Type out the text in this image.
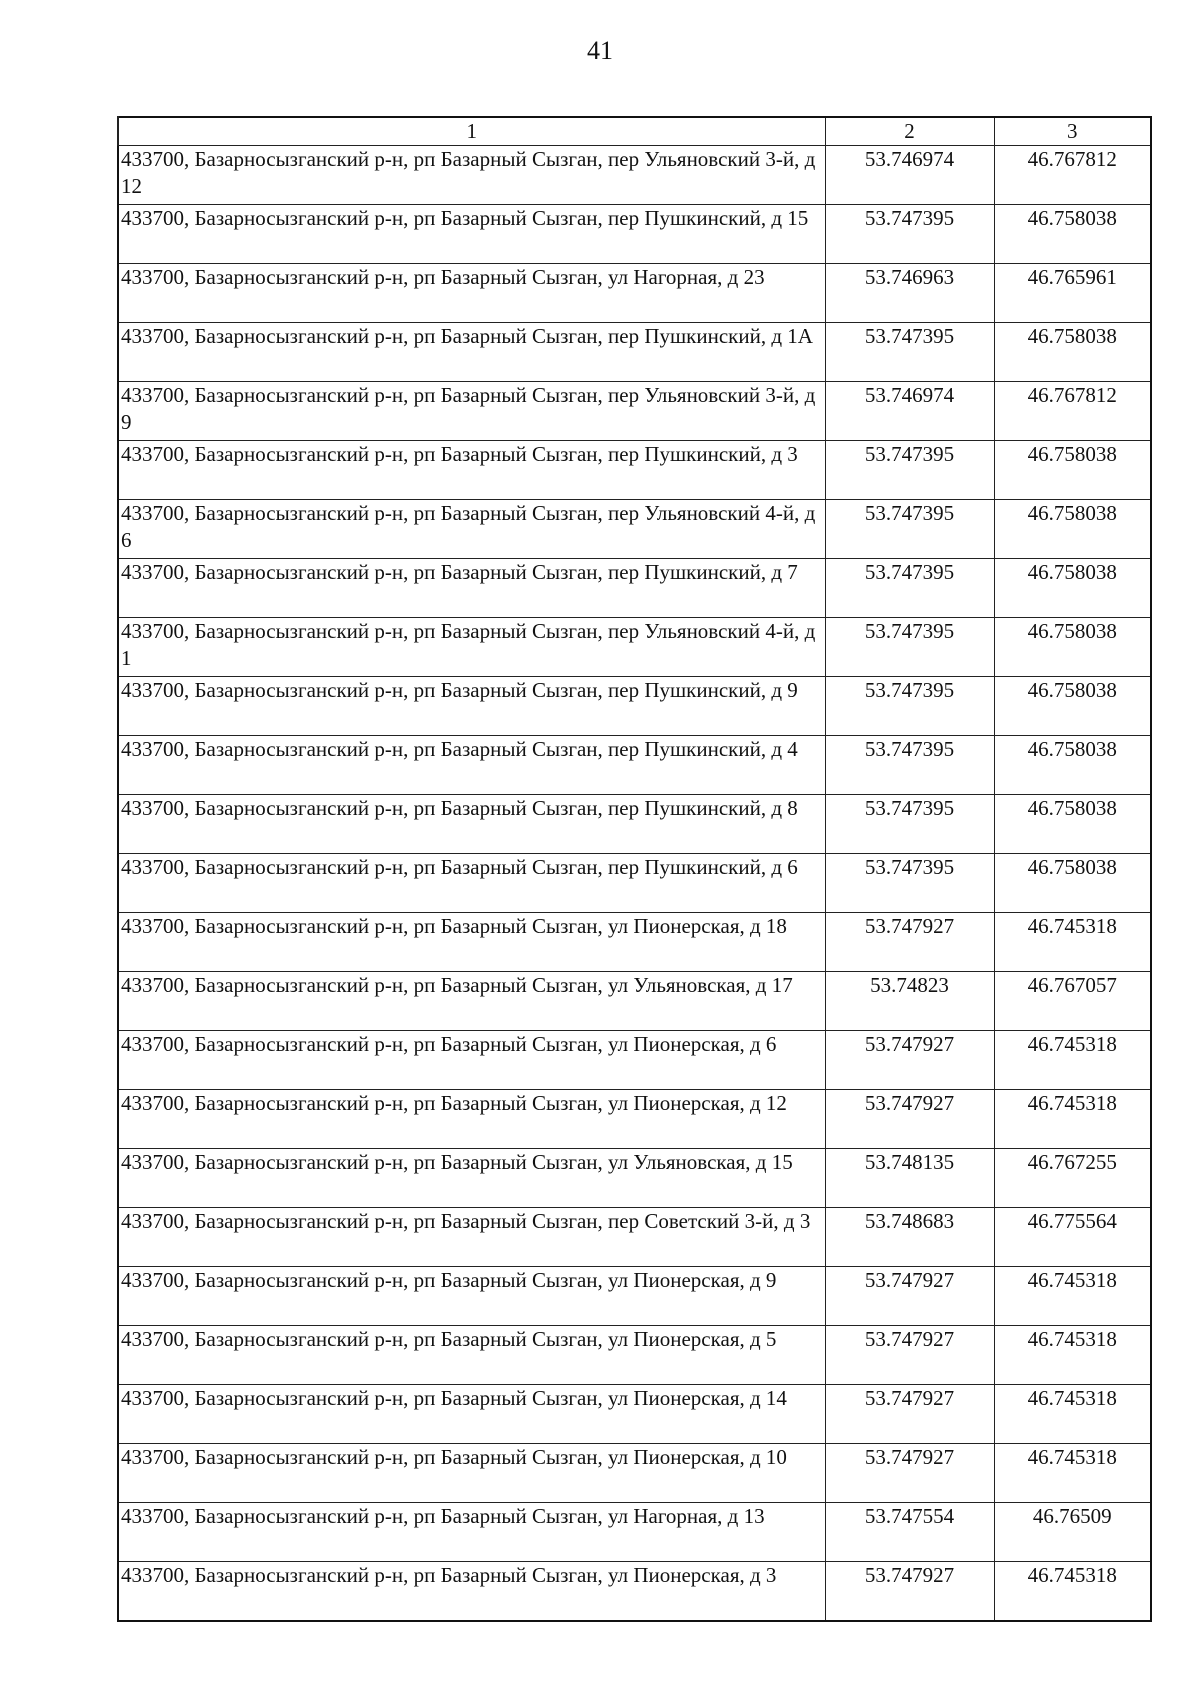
41
1	2	3
433700, Базарносызганский р-н, рп Базарный Сызган, пер Ульяновский 3-й, д 12	53.746974	46.767812
433700, Базарносызганский р-н, рп Базарный Сызган, пер Пушкинский, д 15	53.747395	46.758038
433700, Базарносызганский р-н, рп Базарный Сызган, ул Нагорная, д 23	53.746963	46.765961
433700, Базарносызганский р-н, рп Базарный Сызган, пер Пушкинский, д 1А	53.747395	46.758038
433700, Базарносызганский р-н, рп Базарный Сызган, пер Ульяновский 3-й, д 9	53.746974	46.767812
433700, Базарносызганский р-н, рп Базарный Сызган, пер Пушкинский, д 3	53.747395	46.758038
433700, Базарносызганский р-н, рп Базарный Сызган, пер Ульяновский 4-й, д 6	53.747395	46.758038
433700, Базарносызганский р-н, рп Базарный Сызган, пер Пушкинский, д 7	53.747395	46.758038
433700, Базарносызганский р-н, рп Базарный Сызган, пер Ульяновский 4-й, д 1	53.747395	46.758038
433700, Базарносызганский р-н, рп Базарный Сызган, пер Пушкинский, д 9	53.747395	46.758038
433700, Базарносызганский р-н, рп Базарный Сызган, пер Пушкинский, д 4	53.747395	46.758038
433700, Базарносызганский р-н, рп Базарный Сызган, пер Пушкинский, д 8	53.747395	46.758038
433700, Базарносызганский р-н, рп Базарный Сызган, пер Пушкинский, д 6	53.747395	46.758038
433700, Базарносызганский р-н, рп Базарный Сызган, ул Пионерская, д 18	53.747927	46.745318
433700, Базарносызганский р-н, рп Базарный Сызган, ул Ульяновская, д 17	53.74823	46.767057
433700, Базарносызганский р-н, рп Базарный Сызган, ул Пионерская, д 6	53.747927	46.745318
433700, Базарносызганский р-н, рп Базарный Сызган, ул Пионерская, д 12	53.747927	46.745318
433700, Базарносызганский р-н, рп Базарный Сызган, ул Ульяновская, д 15	53.748135	46.767255
433700, Базарносызганский р-н, рп Базарный Сызган, пер Советский 3-й, д 3	53.748683	46.775564
433700, Базарносызганский р-н, рп Базарный Сызган, ул Пионерская, д 9	53.747927	46.745318
433700, Базарносызганский р-н, рп Базарный Сызган, ул Пионерская, д 5	53.747927	46.745318
433700, Базарносызганский р-н, рп Базарный Сызган, ул Пионерская, д 14	53.747927	46.745318
433700, Базарносызганский р-н, рп Базарный Сызган, ул Пионерская, д 10	53.747927	46.745318
433700, Базарносызганский р-н, рп Базарный Сызган, ул Нагорная, д 13	53.747554	46.76509
433700, Базарносызганский р-н, рп Базарный Сызган, ул Пионерская, д 3	53.747927	46.745318
